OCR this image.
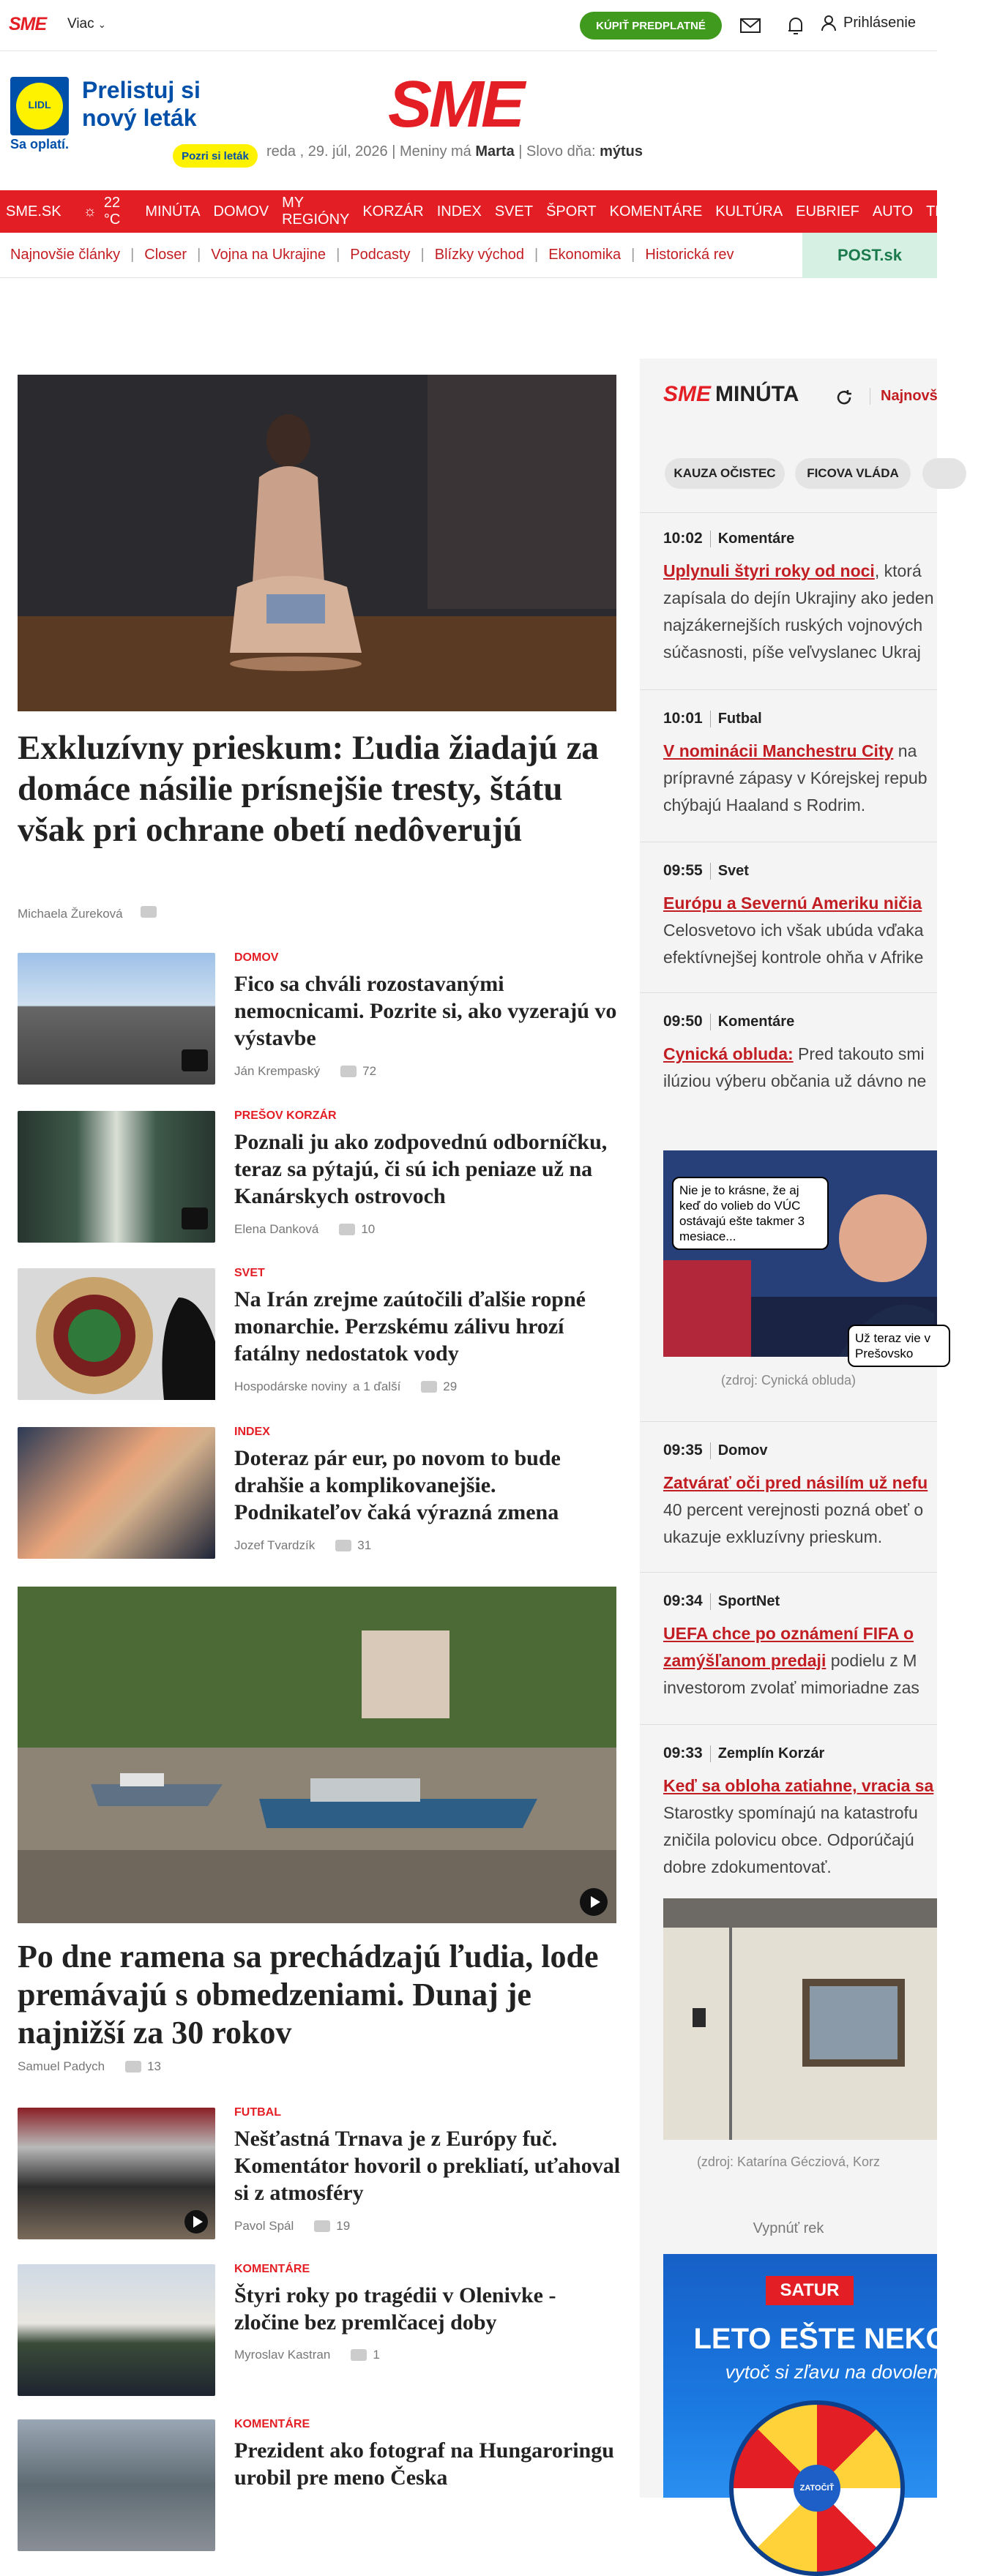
SME Viac ⌄	KÚPIŤ PREDPLATNÉ	Prihlásenie
LIDL
Sa oplatí.
Prelistuj si nový leták
Pozri si leták
SME
reda , 29. júl, 2026 | Meniny má Marta | Slovo dňa: mýtus
SME.SK ☼
22 °C
MINÚTA DOMOV
MY REGIÓNY
KORZÁR INDEX SVET ŠPORT KOMENTÁRE KULTÚRA EUBRIEF AUTO TE
Najnovšie články | Closer | Vojna na Ukrajine | Podcasty | Blízky východ | Ekonomika | Historická rev	POST.sk
Exkluzívny prieskum: Ľudia žiadajú za domáce násilie prísnejšie tresty, štátu však pri ochrane obetí nedôverujú
Michaela Žureková
DOMOV
Fico sa chváli rozostavanými nemocnicami. Pozrite si, ako vyzerajú vo výstavbe
Ján Krempaský	72
PREŠOV KORZÁR
Poznali ju ako zodpovednú odborníčku, teraz sa pýtajú, či sú ich peniaze už na Kanárskych ostrovoch
Elena Danková	10
SVET
Na Irán zrejme zaútočili ďalšie ropné monarchie. Perzskému zálivu hrozí fatálny nedostatok vody
Hospodárske noviny a 1 ďalší	29
INDEX
Doteraz pár eur, po novom to bude drahšie a komplikovanejšie. Podnikateľov čaká výrazná zmena
Jozef Tvardzík	31
Po dne ramena sa prechádzajú ľudia, lode premávajú s obmedzeniami. Dunaj je najnižší za 30 rokov
Samuel Padych	13
FUTBAL
Nešťastná Trnava je z Európy fuč. Komentátor hovoril o prekliatí, uťahoval si z atmosféry
Pavol Spál	19
KOMENTÁRE
Štyri roky po tragédii v Olenivke - zločine bez premlčacej doby
Myroslav Kastran	1
KOMENTÁRE
Prezident ako fotograf na Hungaroringu urobil pre meno Česka
SME MINÚTA	Najnovš
KAUZA OČISTEC	FICOVA VLÁDA
10:02 Komentáre
Uplynuli štyri roky od noci, ktorá
zapísala do dejín Ukrajiny ako jeden
najzákernejších ruských vojnových
súčasnosti, píše veľvyslanec Ukraj
10:01 Futbal
V nominácii Manchestru City na
prípravné zápasy v Kórejskej repub
chýbajú Haaland s Rodrim.
09:55 Svet
Európu a Severnú Ameriku ničia
Celosvetovo ich však ubúda vďaka
efektívnejšej kontrole ohňa v Afrike
09:50 Komentáre
Cynická obluda: Pred takouto smi
ilúziou výberu občania už dávno ne
Nie je to krásne, že aj keď do volieb do VÚC ostávajú ešte takmer 3 mesiace...
Už teraz vie v Prešovsko
(zdroj: Cynická obluda)
09:35 Domov
Zatvárať oči pred násilím už nefu
40 percent verejnosti pozná obeť o
ukazuje exkluzívny prieskum.
09:34 SportNet
UEFA chce po oznámení FIFA o
zamýšľanom predaji podielu z M
investorom zvolať mimoriadne zas
09:33 Zemplín Korzár
Keď sa obloha zatiahne, vracia sa
Starostky spomínajú na katastrofu
zničila polovicu obce. Odporúčajú
dobre zdokumentovať.
(zdroj: Katarína Gécziová, Korz
Vypnúť rek
SATUR
LETO EŠTE NEKON
vytoč si zľavu na dovolen
ZATOČIŤ
